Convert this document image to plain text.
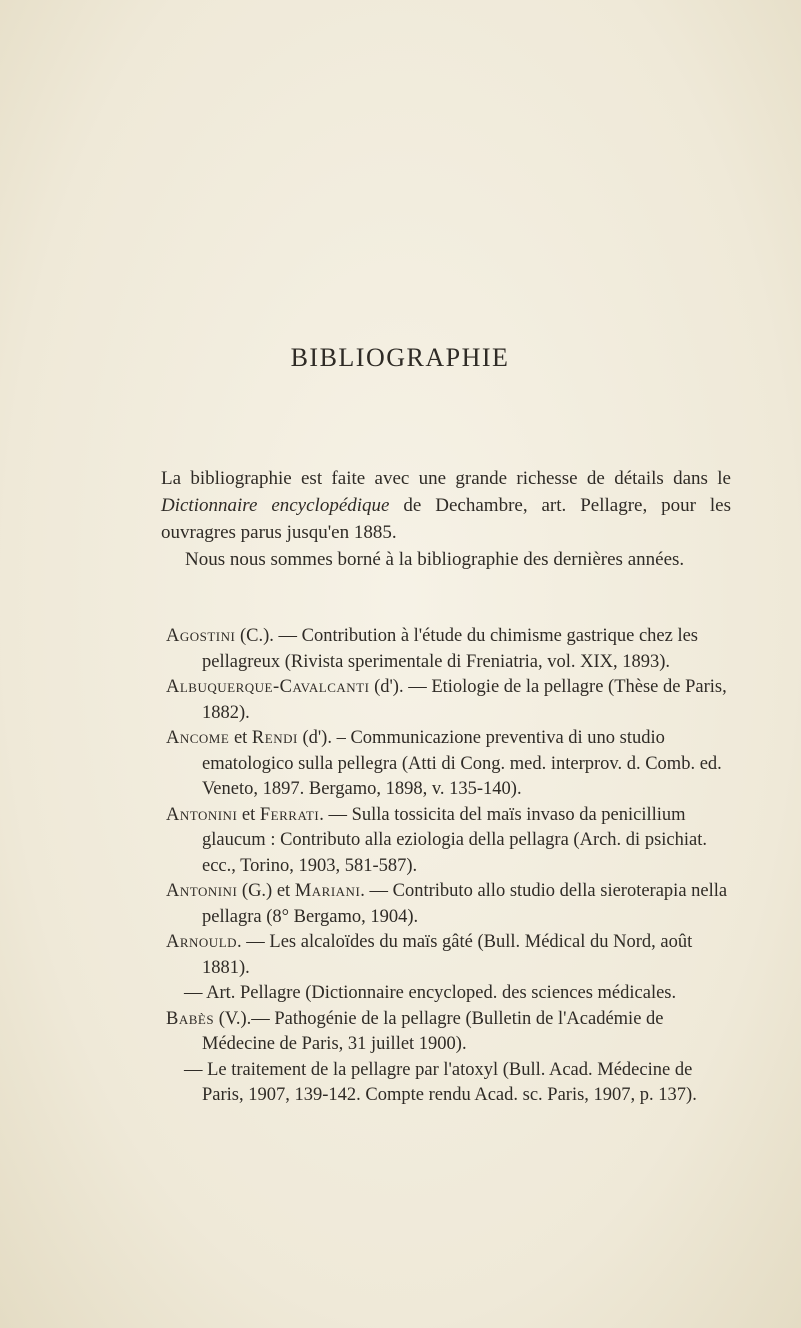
BIBLIOGRAPHIE

La bibliographie est faite avec une grande richesse de détails dans le Dictionnaire encyclopédique de Dechambre, art. Pellagre, pour les ouvragres parus jusqu'en 1885.

Nous nous sommes borné à la bibliographie des dernières années.

Agostini (C.). — Contribution à l'étude du chimisme gastrique chez les pellagreux (Rivista sperimentale di Freniatria, vol. XIX, 1893).
Albuquerque-Cavalcanti (d'). — Etiologie de la pellagre (Thèse de Paris, 1882).
Ancome et Rendi (d'). – Communicazione preventiva di uno studio ematologico sulla pellegra (Atti di Cong. med. interprov. d. Comb. ed. Veneto, 1897. Bergamo, 1898, v. 135-140).
Antonini et Ferrati. — Sulla tossicita del maïs invaso da penicillium glaucum : Contributo alla eziologia della pellagra (Arch. di psichiat. ecc., Torino, 1903, 581-587).
Antonini (G.) et Mariani. — Contributo allo studio della sieroterapia nella pellagra (8° Bergamo, 1904).
Arnould. — Les alcaloïdes du maïs gâté (Bull. Médical du Nord, août 1881).
— Art. Pellagre (Dictionnaire encycloped. des sciences médicales.
Babès (V.).— Pathogénie de la pellagre (Bulletin de l'Académie de Médecine de Paris, 31 juillet 1900).
— Le traitement de la pellagre par l'atoxyl (Bull. Acad. Médecine de Paris, 1907, 139-142. Compte rendu Acad. sc. Paris, 1907, p. 137).
